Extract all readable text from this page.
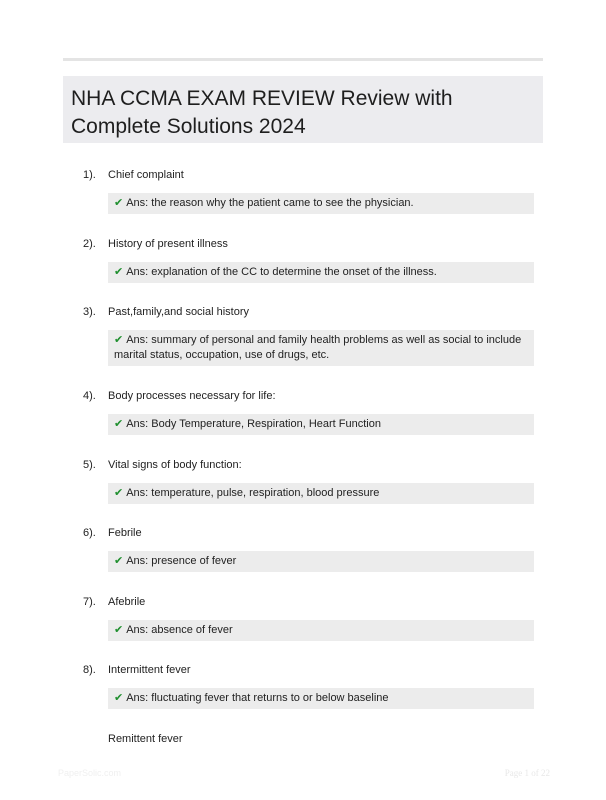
NHA CCMA EXAM REVIEW Review with
Complete Solutions 2024
1). Chief complaint
✔ Ans: the reason why the patient came to see the physician.
2). History of present illness
✔ Ans: explanation of the CC to determine the onset of the illness.
3). Past,family,and social history
✔ Ans: summary of personal and family health problems as well as social to include
marital status, occupation, use of drugs, etc.
4). Body processes necessary for life:
✔ Ans: Body Temperature, Respiration, Heart Function
5). Vital signs of body function:
✔ Ans: temperature, pulse, respiration, blood pressure
6). Febrile
✔ Ans: presence of fever
7). Afebrile
✔ Ans: absence of fever
8). Intermittent fever
✔ Ans: fluctuating fever that returns to or below baseline
Remittent fever
PaperSolic.com	Page 1 of 22
